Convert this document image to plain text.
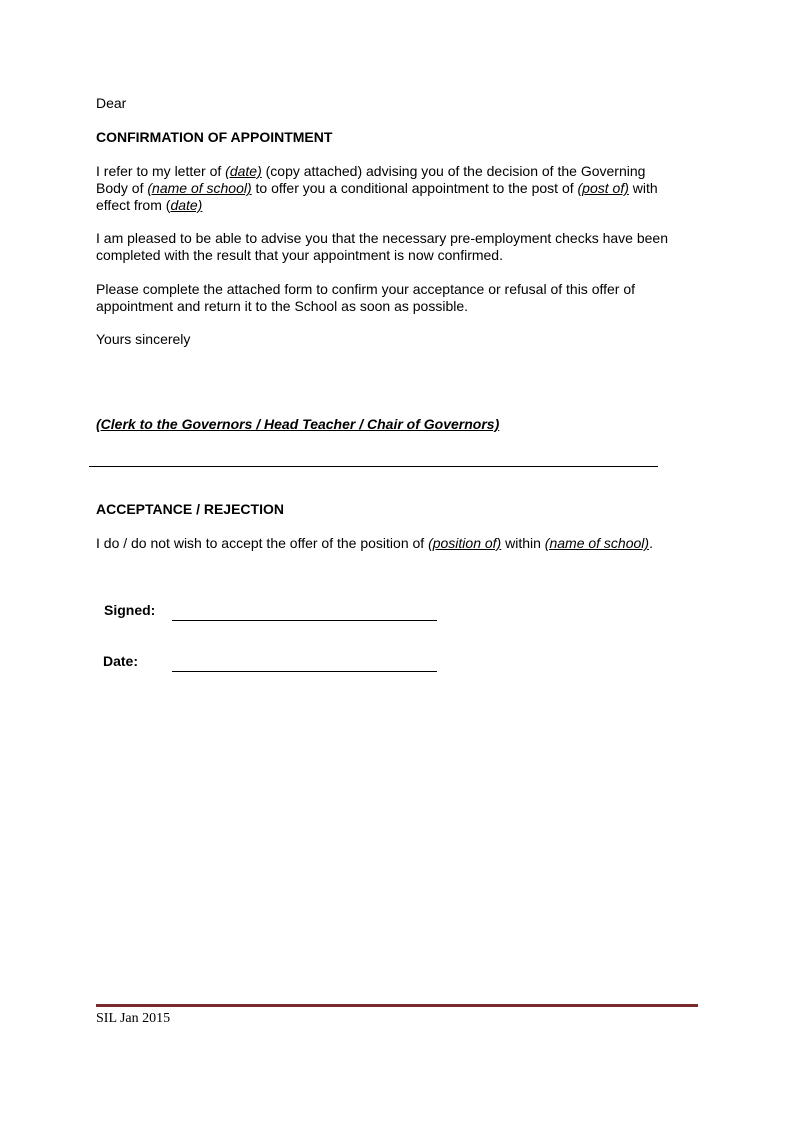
Dear
CONFIRMATION OF APPOINTMENT
I refer to my letter of (date) (copy attached) advising you of the decision of the Governing
Body of (name of school) to offer you a conditional appointment to the post of (post of) with
effect from (date)
I am pleased to be able to advise you that the necessary pre-employment checks have been
completed with the result that your appointment is now confirmed.
Please complete the attached form to confirm your acceptance or refusal of this offer of
appointment and return it to the School as soon as possible.
Yours sincerely
(Clerk to the Governors / Head Teacher / Chair of Governors)
ACCEPTANCE / REJECTION
I do / do not wish to accept the offer of the position of (position of) within (name of school).
Signed:
Date:
SIL Jan 2015
